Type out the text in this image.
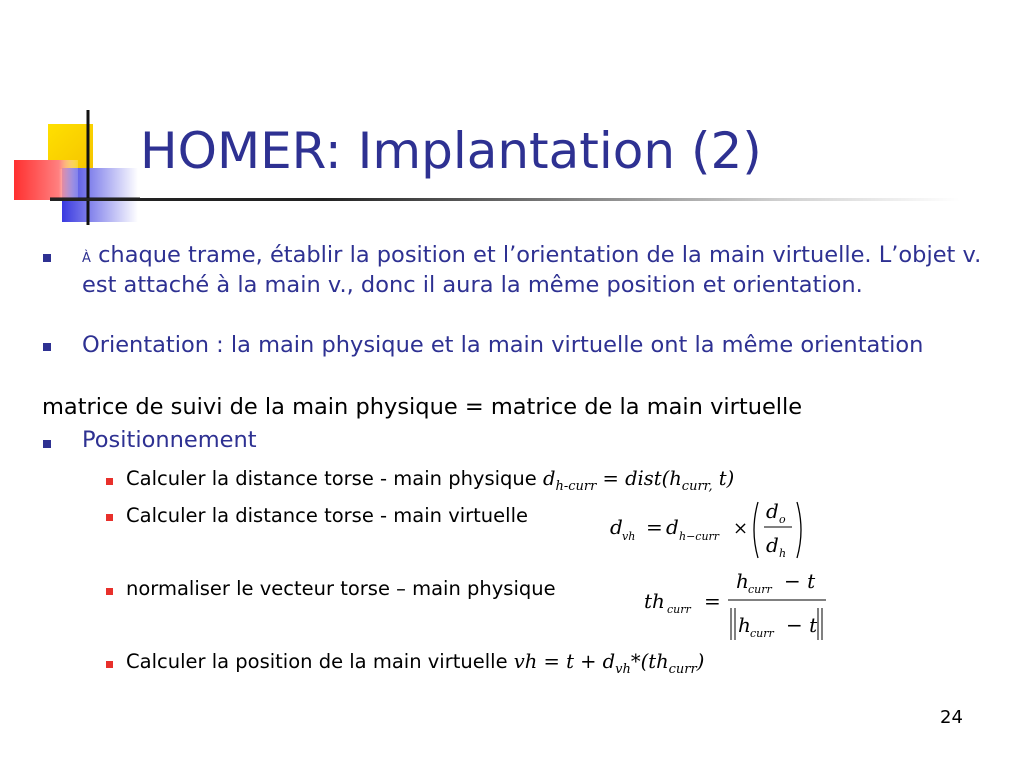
HOMER: Implantation (2)
À chaque trame, établir la position et l’orientation de la main virtuelle. L’objet v. est attaché à la main v., donc il aura la même position et orientation.
Orientation : la main physique et la main virtuelle ont la même orientation
matrice de suivi de la main physique = matrice de la main virtuelle
Positionnement
Calculer la distance torse - main physique $d_{h-curr}$ = $dist(h_{curr,}$ t)
Calculer la distance torse - main virtuelle	d vh = d h−curr ×
d o
d h
normaliser le vecteur torse – main physique
th curr =
h curr − t
h curr − t
Calculer la position de la main virtuelle vh = $t + d_{vh}*(th_{curr})$
24
